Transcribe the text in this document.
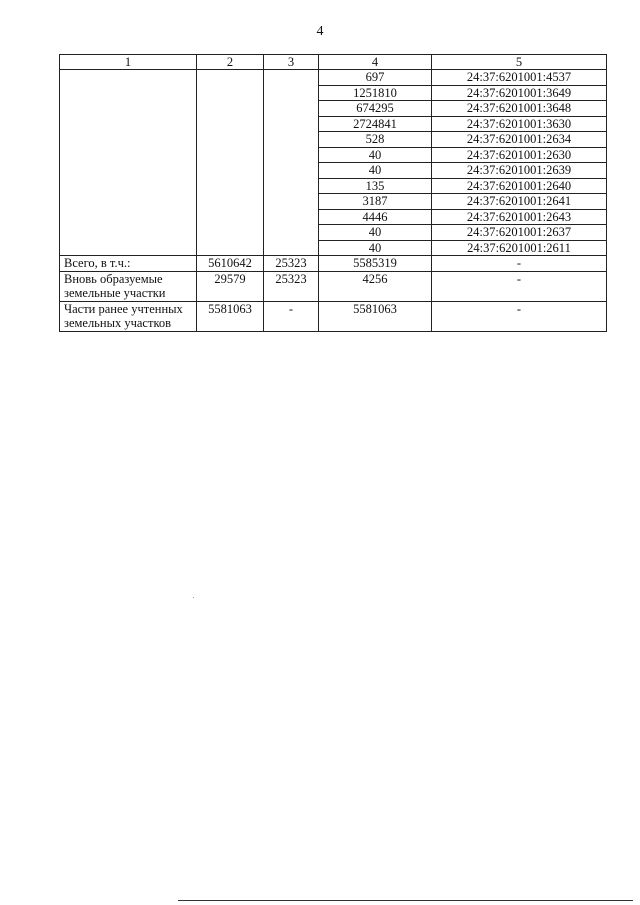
4
1	2	3	4	5
			697	24:37:6201001:4537
			1251810	24:37:6201001:3649
			674295	24:37:6201001:3648
			2724841	24:37:6201001:3630
			528	24:37:6201001:2634
			40	24:37:6201001:2630
			40	24:37:6201001:2639
			135	24:37:6201001:2640
			3187	24:37:6201001:2641
			4446	24:37:6201001:2643
			40	24:37:6201001:2637
			40	24:37:6201001:2611
Всего, в т.ч.:	5610642	25323	5585319	-
Вновь образуемые земельные участки	29579	25323	4256	-
Части ранее учтенных земельных участков	5581063	-	5581063	-
